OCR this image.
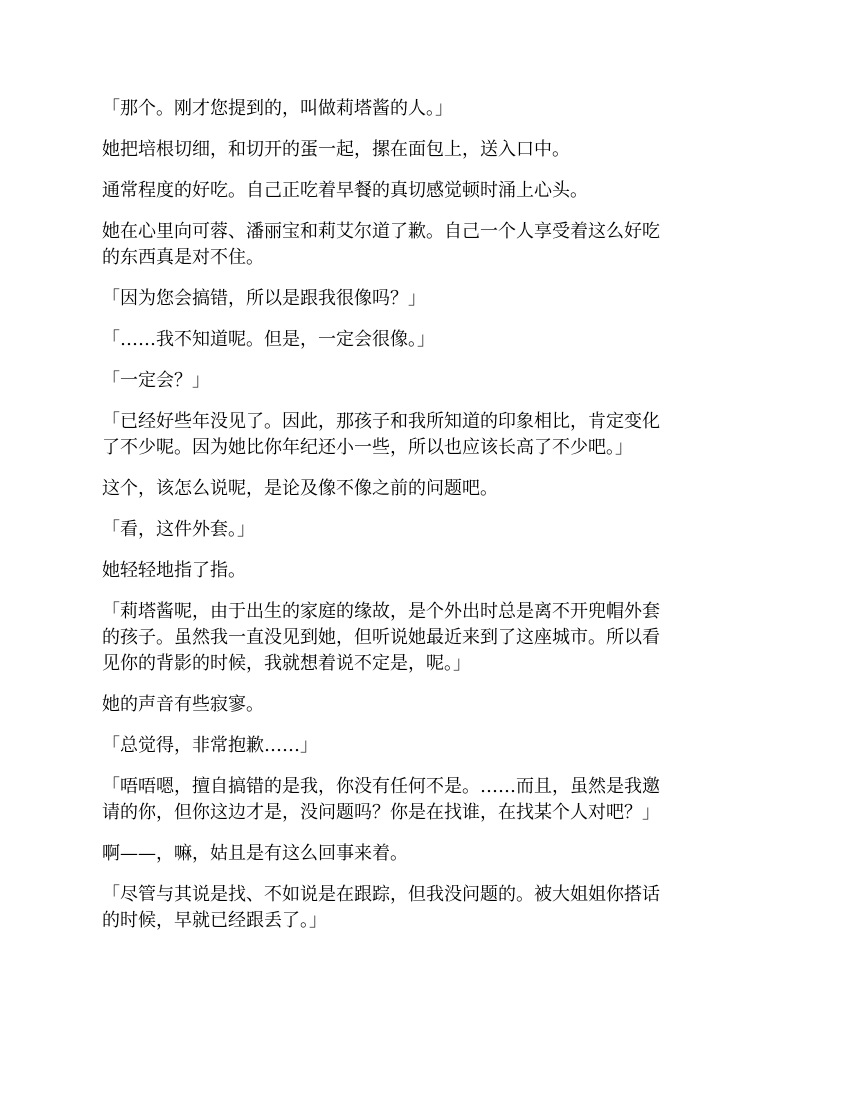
「那个。刚才您提到的，叫做莉塔酱的人。」

她把培根切细，和切开的蛋一起，摞在面包上，送入口中。

通常程度的好吃。自己正吃着早餐的真切感觉顿时涌上心头。

她在心里向可蓉、潘丽宝和莉艾尔道了歉。自己一个人享受着这么好吃
的东西真是对不住。

「因为您会搞错，所以是跟我很像吗？」

「……我不知道呢。但是，一定会很像。」

「一定会？」

「已经好些年没见了。因此，那孩子和我所知道的印象相比，肯定变化
了不少呢。因为她比你年纪还小一些，所以也应该长高了不少吧。」

这个，该怎么说呢，是论及像不像之前的问题吧。

「看，这件外套。」

她轻轻地指了指。

「莉塔酱呢，由于出生的家庭的缘故，是个外出时总是离不开兜帽外套
的孩子。虽然我一直没见到她，但听说她最近来到了这座城市。所以看
见你的背影的时候，我就想着说不定是，呢。」

她的声音有些寂寥。

「总觉得，非常抱歉……」

「唔唔嗯，擅自搞错的是我，你没有任何不是。……而且，虽然是我邀
请的你，但你这边才是，没问题吗？你是在找谁，在找某个人对吧？」

啊——，嘛，姑且是有这么回事来着。

「尽管与其说是找、不如说是在跟踪，但我没问题的。被大姐姐你搭话
的时候，早就已经跟丢了。」
